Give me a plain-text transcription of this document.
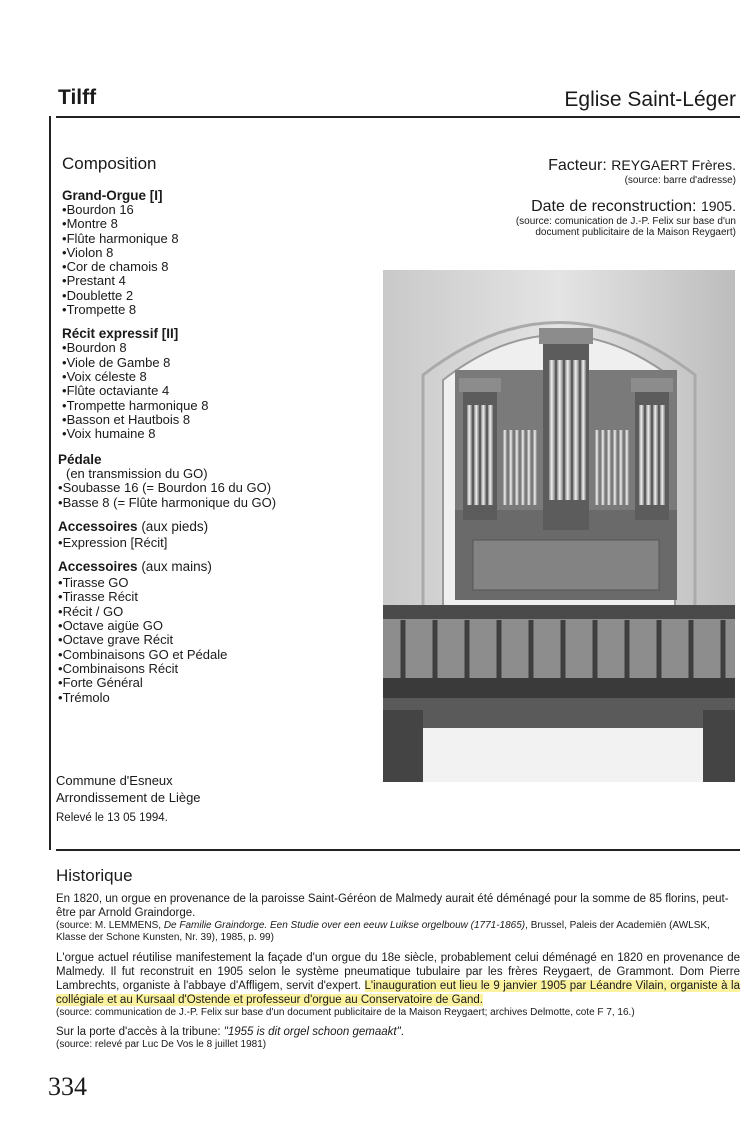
Tilff	Eglise Saint-Léger
Composition
Grand-Orgue [I]
• Bourdon 16
• Montre 8
• Flûte harmonique 8
• Violon 8
• Cor de chamois 8
• Prestant 4
• Doublette 2
• Trompette 8
Récit expressif [II]
• Bourdon 8
• Viole de Gambe 8
• Voix céleste 8
• Flûte octaviante 4
• Trompette harmonique 8
• Basson et Hautbois 8
• Voix humaine 8
Pédale
(en transmission du GO)
• Soubasse 16 (= Bourdon 16 du GO)
• Basse 8 (= Flûte harmonique du GO)
Accessoires (aux pieds)
• Expression [Récit]
Accessoires (aux mains)
• Tirasse GO
• Tirasse Récit
• Récit / GO
• Octave aigüe GO
• Octave grave Récit
• Combinaisons GO et Pédale
• Combinaisons Récit
• Forte Général
• Trémolo
Commune d'Esneux
Arrondissement de Liège
Relevé le 13 05 1994.
Facteur: REYGAERT Frères.
(source: barre d'adresse)
Date de reconstruction: 1905.
(source: comunication de J.-P. Felix sur base d'un
document publicitaire de la Maison Reygaert)
Historique

En 1820, un orgue en provenance de la paroisse Saint-Géréon de Malmedy aurait été déménagé pour la somme de 85 florins, peut-être par Arnold Graindorge.

(source: M. LEMMENS, De Familie Graindorge. Een Studie over een eeuw Luikse orgelbouw (1771-1865), Brussel, Paleis der Academiën (AWLSK, Klasse der Schone Kunsten, Nr. 39), 1985, p. 99)

L'orgue actuel réutilise manifestement la façade d'un orgue du 18e siècle, probablement celui déménagé en 1820 en provenance de Malmedy. Il fut reconstruit en 1905 selon le système pneumatique tubulaire par les frères Reygaert, de Grammont. Dom Pierre Lambrechts, organiste à l'abbaye d'Affligem, servit d'expert. L'inauguration eut lieu le 9 janvier 1905 par Léandre Vilain, organiste à la collégiale et au Kursaal d'Ostende et professeur d'orgue au Conservatoire de Gand.

(source: communication de J.-P. Felix sur base d'un document publicitaire de la Maison Reygaert; archives Delmotte, cote F 7, 16.)

Sur la porte d'accès à la tribune: "1955 is dit orgel schoon gemaakt".

(source: relevé par Luc De Vos le 8 juillet 1981)

334
